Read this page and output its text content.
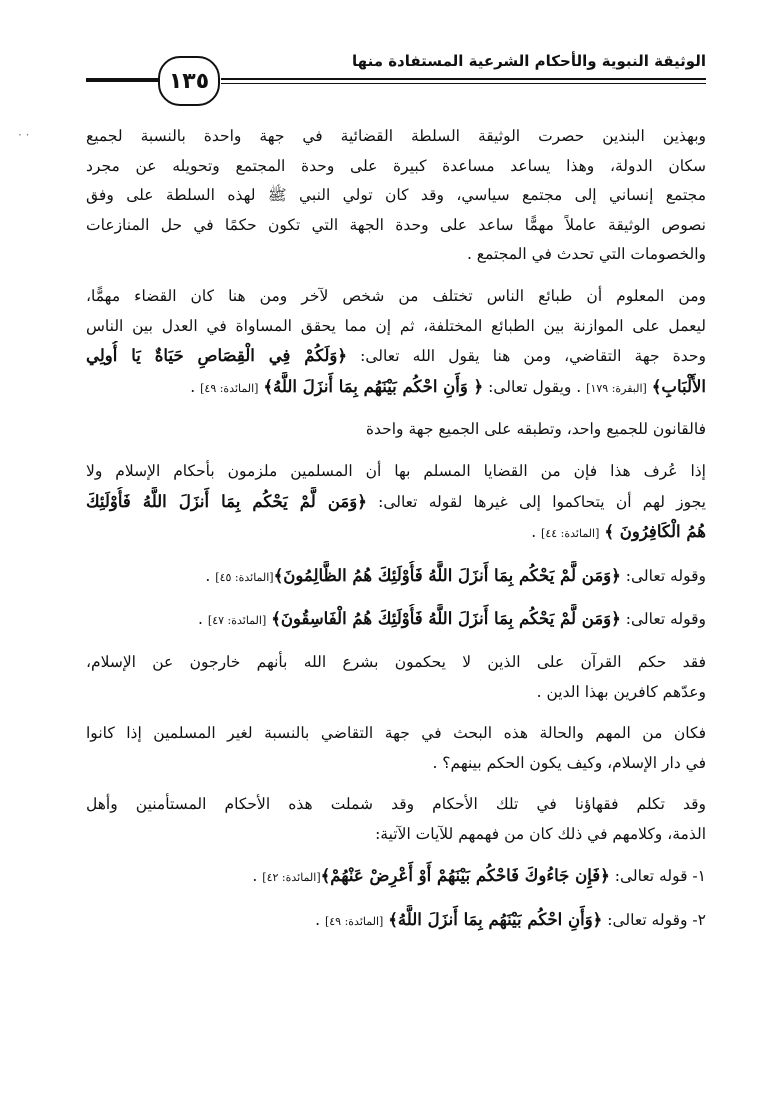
١٣٥
الوثيقة النبوية والأحكام الشرعية المستفادة منها
· ·	وبهذين البندين حصرت الوثيقة السلطة القضائية في جهة واحدة بالنسبة لجميع
سكان الدولة، وهذا يساعد مساعدة كبيرة على وحدة المجتمع وتحويله عن مجرد
مجتمع إنساني إلى مجتمع سياسي، وقد كان تولي النبي ﷺ لهذه السلطة على وفق
نصوص الوثيقة عاملاً مهمًّا ساعد على وحدة الجهة التي تكون حكمًا في حل المنازعات
والخصومات التي تحدث في المجتمع .
ومن المعلوم أن طبائع الناس تختلف من شخص لآخر ومن هنا كان القضاء مهمًّا،
ليعمل على الموازنة بين الطبائع المختلفة، ثم إن مما يحقق المساواة في العدل بين الناس
وحدة جهة التقاضي، ومن هنا يقول الله تعالى: ﴿وَلَكُمْ فِي الْقِصَاصِ حَيَاةٌ يَا أُولِي
الأَلْبَابِ﴾ [البقرة: ١٧٩] . ويقول تعالى: ﴿ وَأَنِ احْكُم بَيْنَهُم بِمَا أَنزَلَ اللَّهُ﴾ [المائدة: ٤٩] .
فالقانون للجميع واحد، وتطبقه على الجميع جهة واحدة
إذا عُرف هذا فإن من القضايا المسلم بها أن المسلمين ملزمون بأحكام الإسلام ولا
يجوز لهم أن يتحاكموا إلى غيرها لقوله تعالى: ﴿وَمَن لَّمْ يَحْكُم بِمَا أَنزَلَ اللَّهُ فَأُوْلَئِكَ
هُمُ الْكَافِرُونَ ﴾ [المائدة: ٤٤] .
وقوله تعالى: ﴿وَمَن لَّمْ يَحْكُم بِمَا أَنزَلَ اللَّهُ فَأُوْلَئِكَ هُمُ الظَّالِمُونَ﴾[المائدة: ٤٥] .
وقوله تعالى: ﴿وَمَن لَّمْ يَحْكُم بِمَا أَنزَلَ اللَّهُ فَأُوْلَئِكَ هُمُ الْفَاسِقُونَ﴾ [المائدة: ٤٧] .
فقد حكم القرآن على الذين لا يحكمون بشرع الله بأنهم خارجون عن الإسلام،
وعدّهم كافرين بهذا الدين .
فكان من المهم والحالة هذه البحث في جهة التقاضي بالنسبة لغير المسلمين إذا كانوا
في دار الإسلام، وكيف يكون الحكم بينهم؟ .
وقد تكلم فقهاؤنا في تلك الأحكام وقد شملت هذه الأحكام المستأمنين وأهل
الذمة، وكلامهم في ذلك كان من فهمهم للآيات الآتية:
١- قوله تعالى: ﴿فَإِن جَاءُوكَ فَاحْكُم بَيْنَهُمْ أَوْ أَعْرِضْ عَنْهُمْ﴾[المائدة: ٤٢] .
٢- وقوله تعالى: ﴿وَأَنِ احْكُم بَيْنَهُم بِمَا أَنزَلَ اللَّهُ﴾ [المائدة: ٤٩] .
